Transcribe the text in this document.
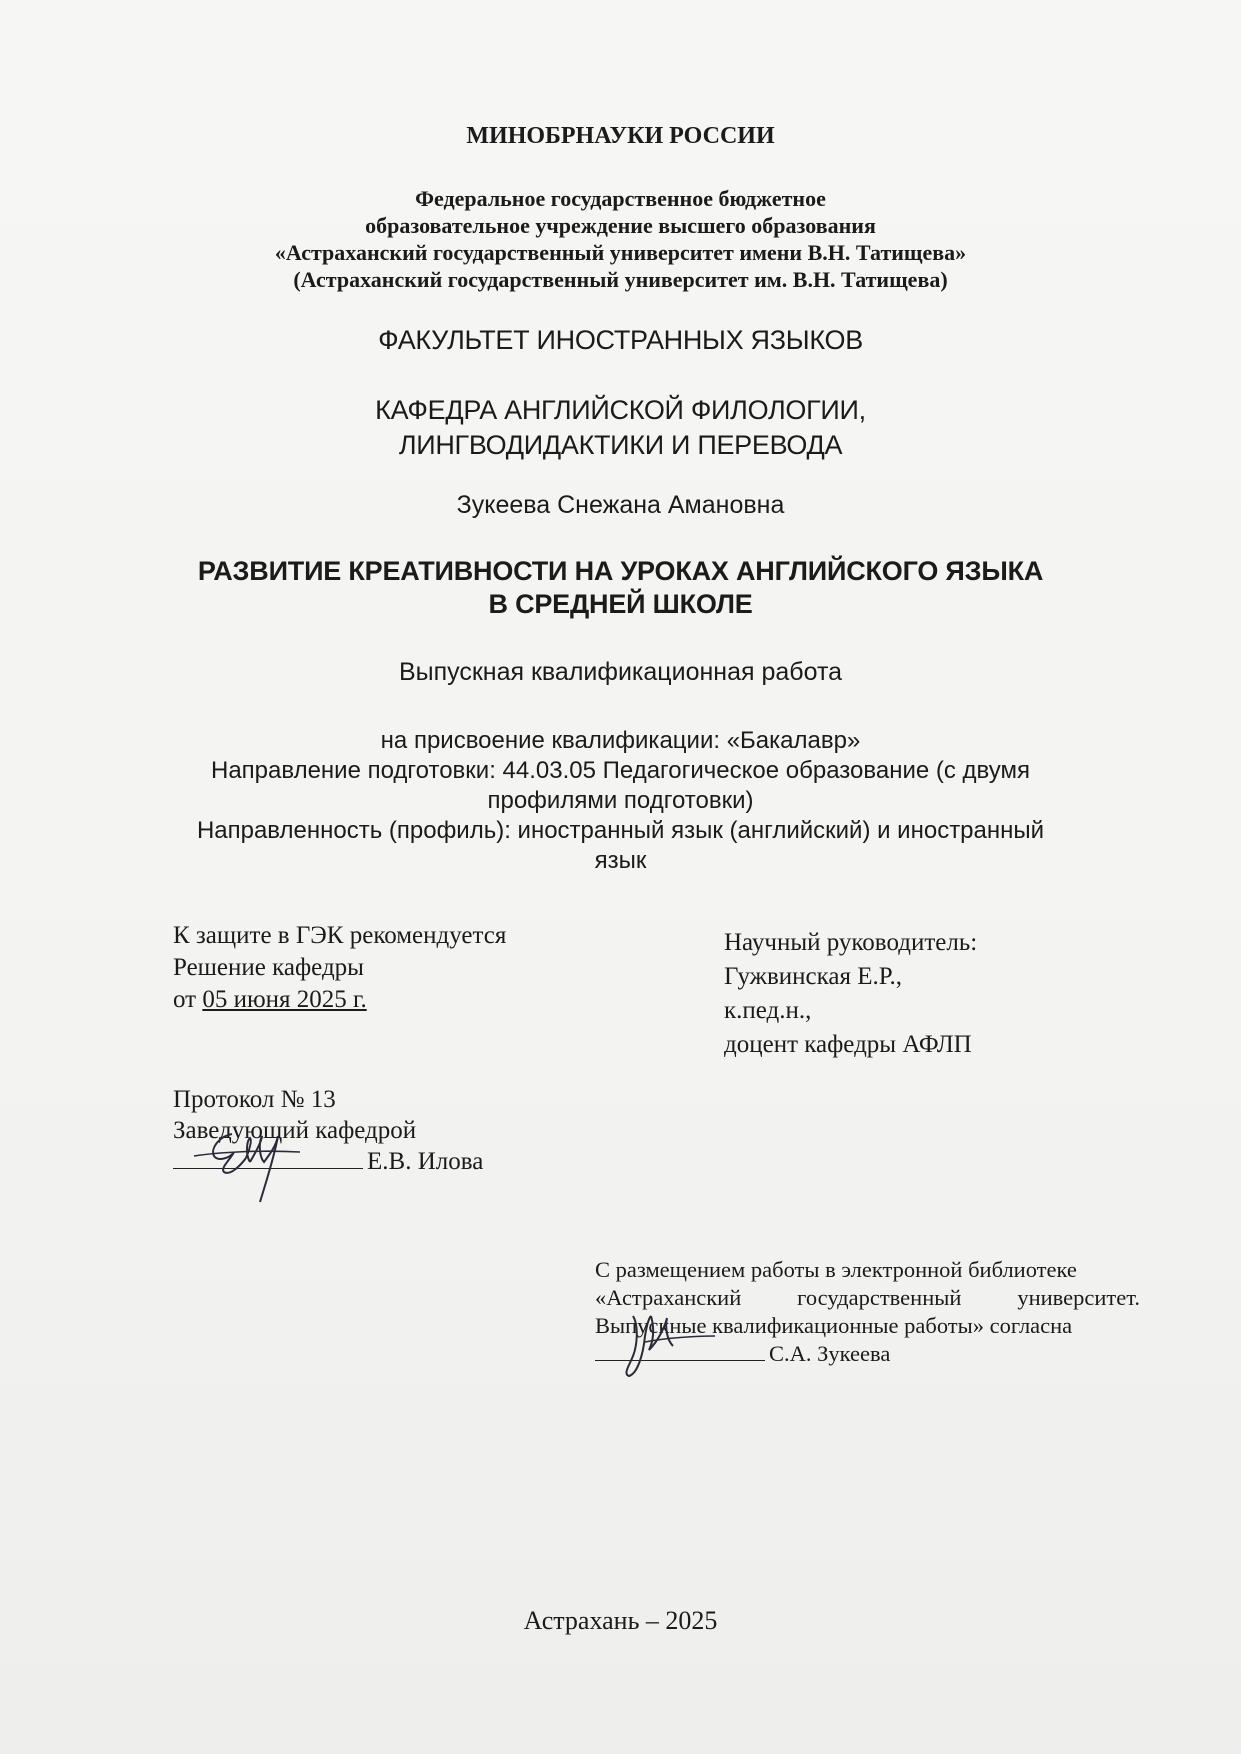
МИНОБРНАУКИ РОССИИ
Федеральное государственное бюджетное
образовательное учреждение высшего образования
«Астраханский государственный университет имени В.Н. Татищева»
(Астраханский государственный университет им. В.Н. Татищева)
ФАКУЛЬТЕТ ИНОСТРАННЫХ ЯЗЫКОВ
КАФЕДРА АНГЛИЙСКОЙ ФИЛОЛОГИИ,
ЛИНГВОДИДАКТИКИ И ПЕРЕВОДА
Зукеева Снежана Амановна
РАЗВИТИЕ КРЕАТИВНОСТИ НА УРОКАХ АНГЛИЙСКОГО ЯЗЫКА
В СРЕДНЕЙ ШКОЛЕ
Выпускная квалификационная работа
на присвоение квалификации: «Бакалавр»
Направление подготовки: 44.03.05 Педагогическое образование (с двумя
профилями подготовки)
Направленность (профиль): иностранный язык (английский) и иностранный
язык
К защите в ГЭК рекомендуется
Решение кафедры
от 05 июня 2025 г.
Научный руководитель:
Гужвинская Е.Р.,
к.пед.н.,
доцент кафедры АФЛП
Протокол № 13
Заведующий кафедрой
Е.В. Илова
С размещением работы в электронной библиотеке
«Астраханский государственный университет.
Выпускные квалификационные работы» согласна
С.А. Зукеева
Астрахань – 2025
